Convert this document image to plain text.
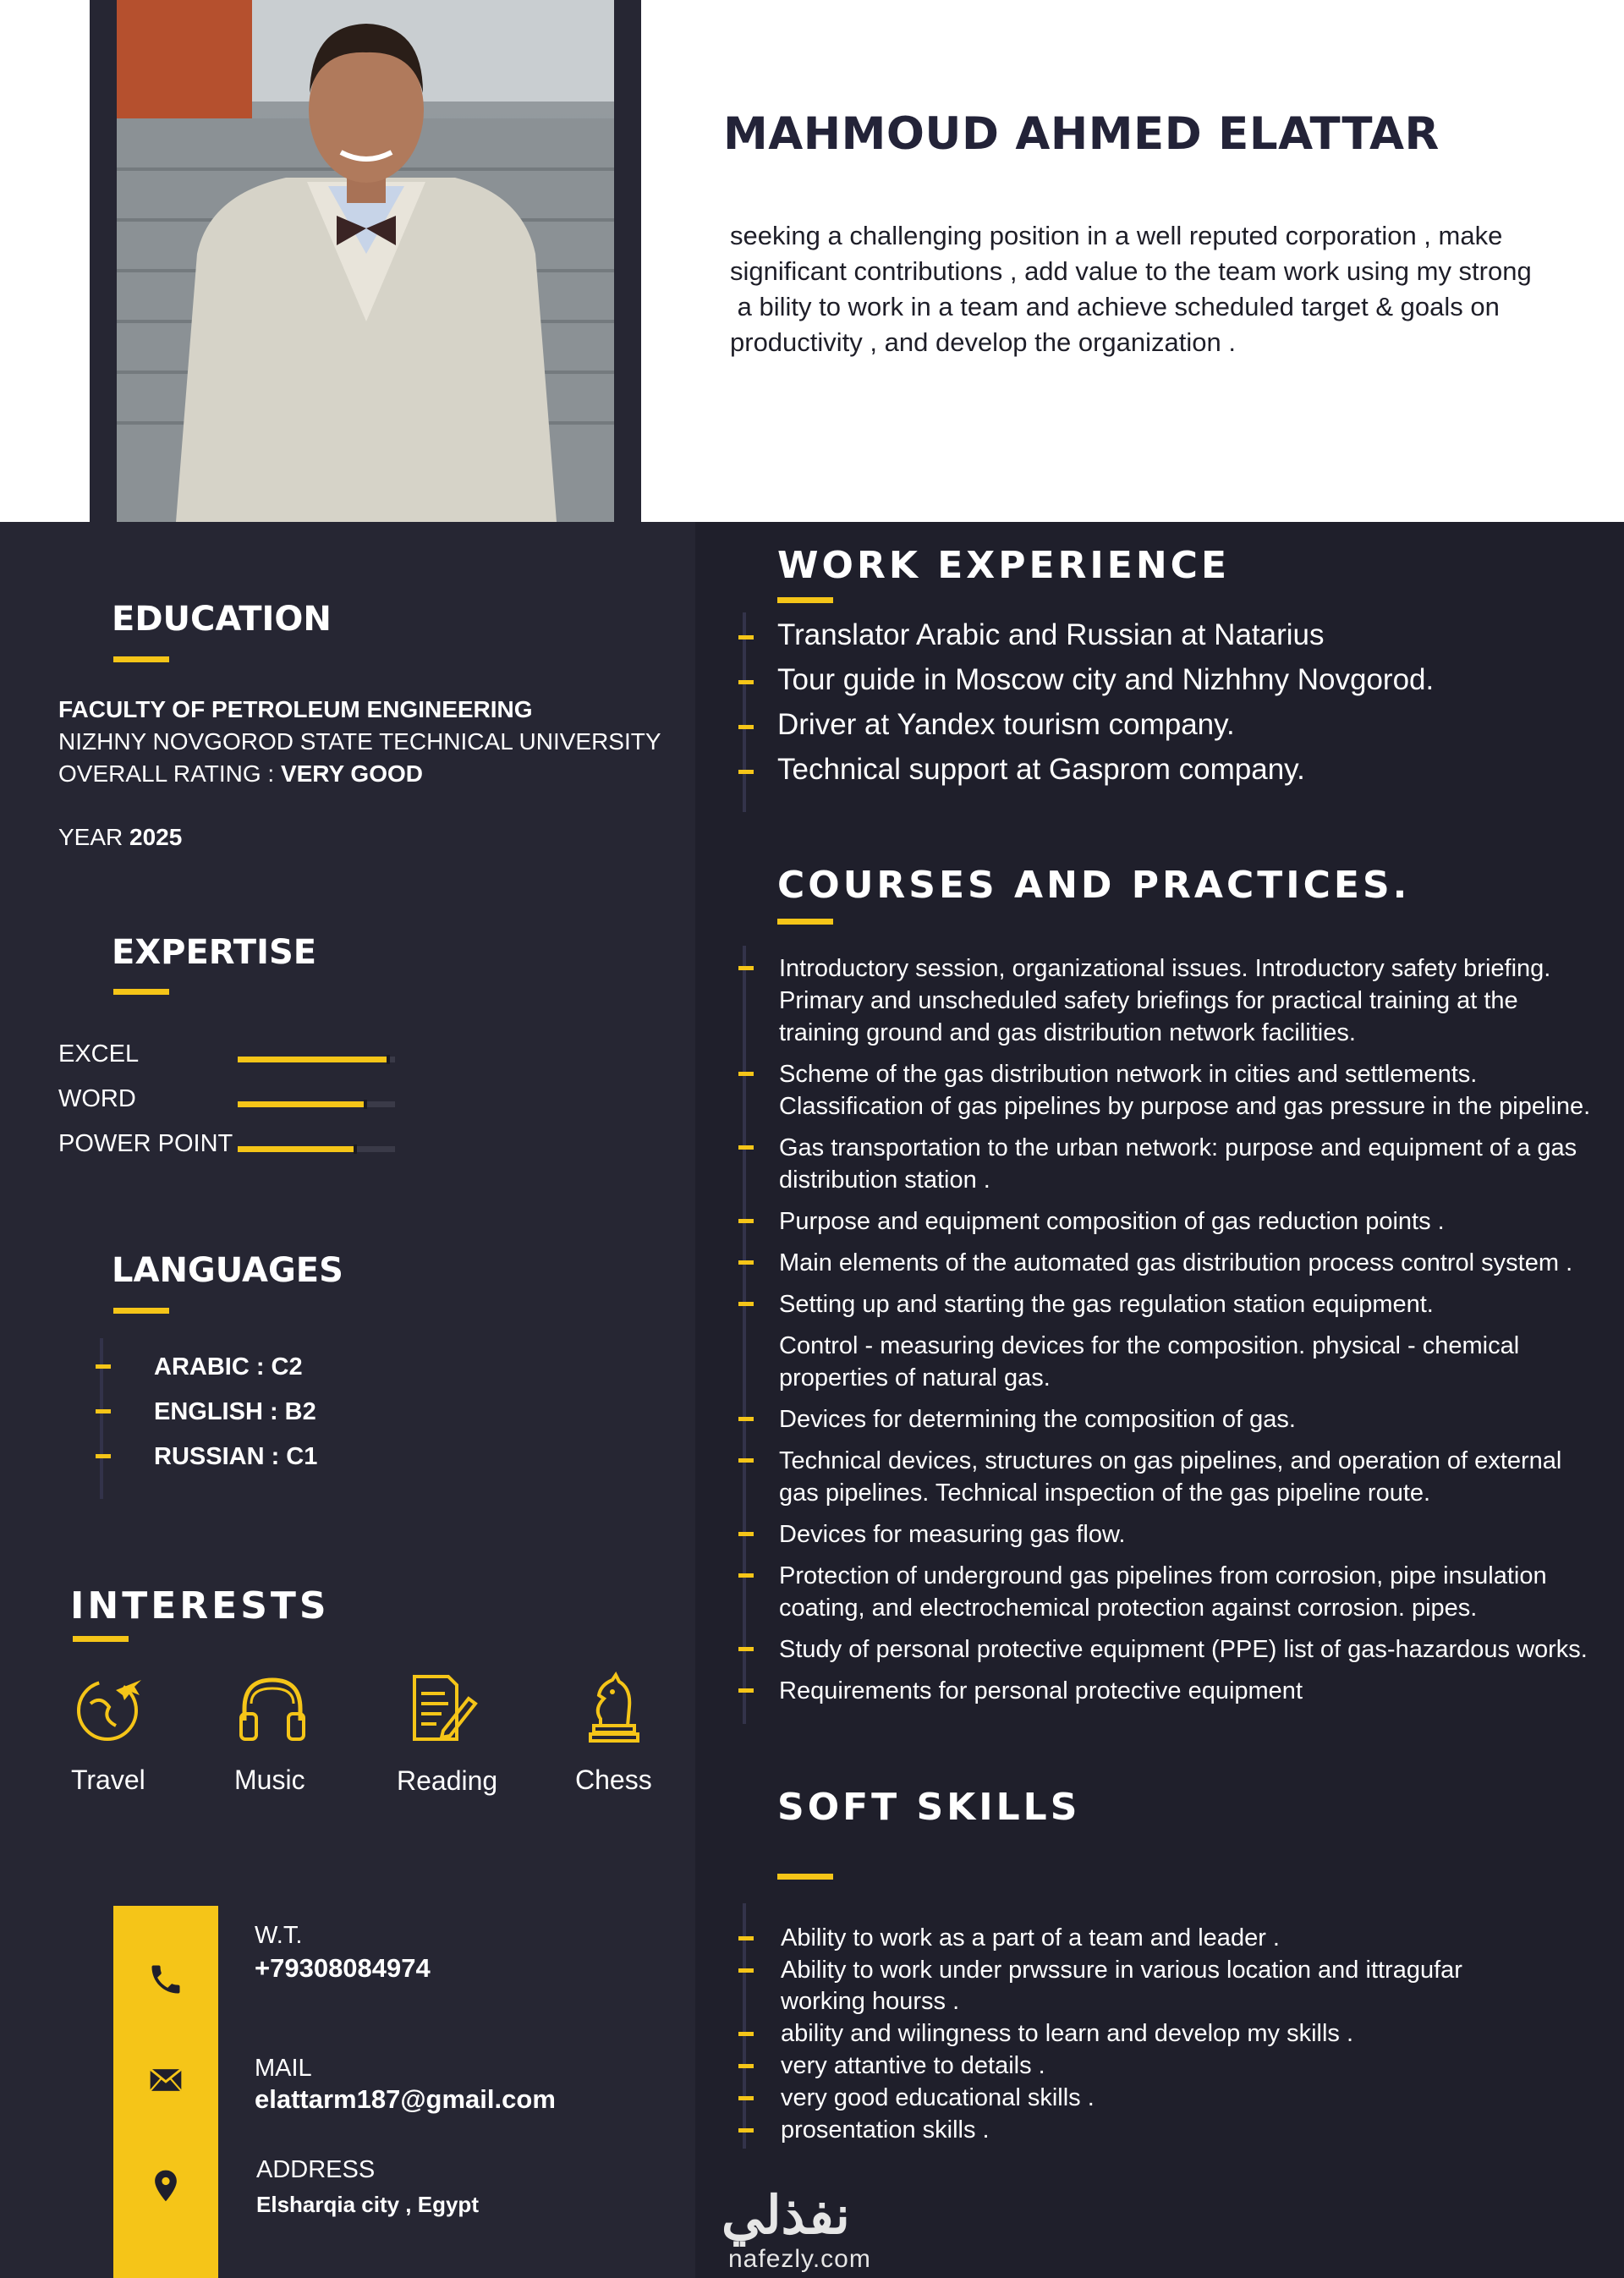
MAHMOUD AHMED ELATTAR
seeking a challenging position in a well reputed corporation , make
significant contributions , add value to the team work using my strong
a bility to work in a team and achieve scheduled target & goals on
productivity , and develop the organization .
EDUCATION
FACULTY OF PETROLEUM ENGINEERING
NIZHNY NOVGOROD STATE TECHNICAL UNIVERSITY
OVERALL RATING : VERY GOOD
YEAR 2025
EXPERTISE
EXCEL
WORD
POWER POINT
LANGUAGES
ARABIC : C2
ENGLISH : B2
RUSSIAN : C1
INTERESTS
Travel	Music	Reading	Chess
W.T.
+79308084974
MAIL
elattarm187@gmail.com
ADDRESS
Elsharqia city , Egypt
WORK EXPERIENCE
Translator Arabic and Russian at Natarius
Tour guide in Moscow city and Nizhhny Novgorod.
Driver at Yandex tourism company.
Technical support at Gasprom company.
COURSES AND PRACTICES.
Introductory session, organizational issues. Introductory safety briefing.
Primary and unscheduled safety briefings for practical training at the
training ground and gas distribution network facilities.
Scheme of the gas distribution network in cities and settlements.
Classification of gas pipelines by purpose and gas pressure in the pipeline.
Gas transportation to the urban network: purpose and equipment of a gas
distribution station .
Purpose and equipment composition of gas reduction points .
Main elements of the automated gas distribution process control system .
Setting up and starting the gas regulation station equipment.
Control - measuring devices for the composition. physical - chemical
properties of natural gas.
Devices for determining the composition of gas.
Technical devices, structures on gas pipelines, and operation of external
gas pipelines. Technical inspection of the gas pipeline route.
Devices for measuring gas flow.
Protection of underground gas pipelines from corrosion, pipe insulation
coating, and electrochemical protection against corrosion. pipes.
Study of personal protective equipment (PPE) list of gas-hazardous works.
Requirements for personal protective equipment
SOFT SKILLS
Ability to work as a part of a team and leader .
Ability to work under prwssure in various location and ittragufar
working hourss .
ability and wilingness to learn and develop my skills .
very attantive to details .
very good educational skills .
prosentation skills .
نفذلي
nafezly.com
